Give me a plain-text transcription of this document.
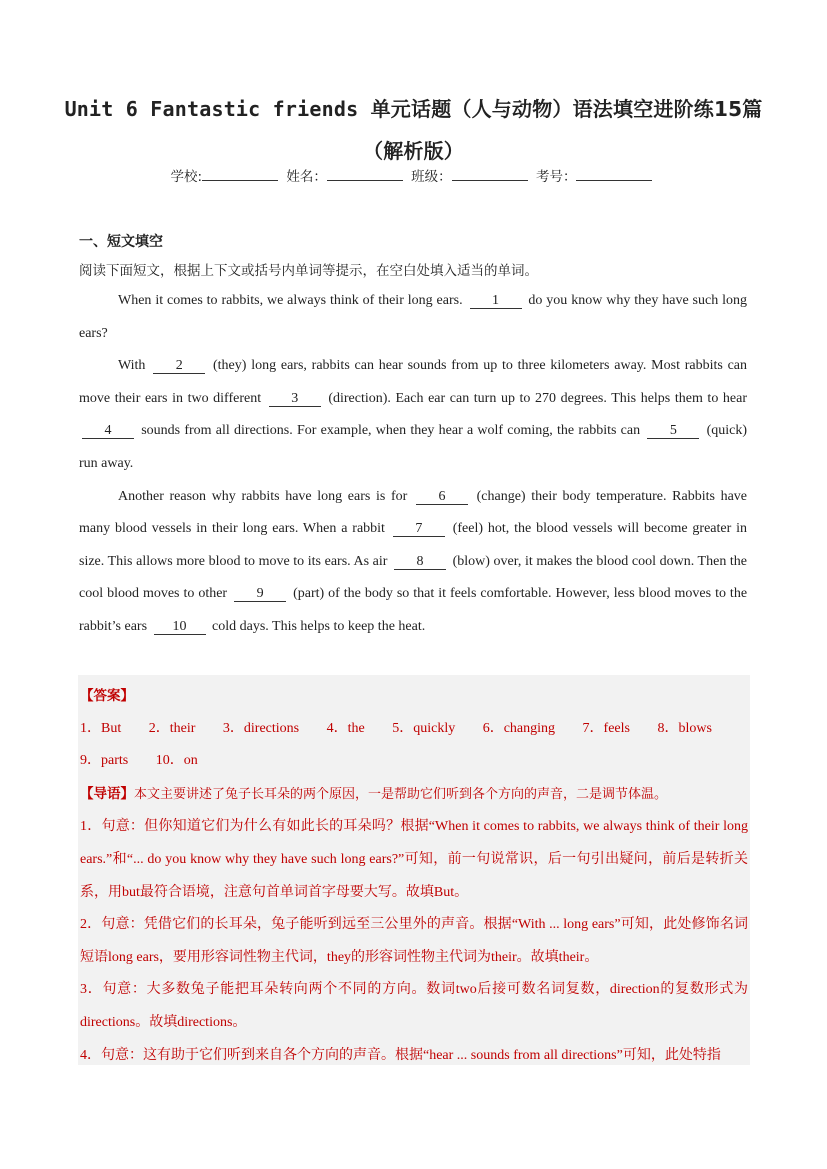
Unit 6 Fantastic friends 单元话题（人与动物）语法填空进阶练15篇
（解析版）
学校:	姓名：	班级：	考号：
一、短文填空
阅读下面短文，根据上下文或括号内单词等提示，在空白处填入适当的单词。

When it comes to rabbits, we always think of their long ears. 1 do you know why they have such long ears?

With 2 (they) long ears, rabbits can hear sounds from up to three kilometers away. Most rabbits can move their ears in two different 3 (direction). Each ear can turn up to 270 degrees. This helps them to hear 4 sounds from all directions. For example, when they hear a wolf coming, the rabbits can 5 (quick) run away.

Another reason why rabbits have long ears is for 6 (change) their body temperature. Rabbits have many blood vessels in their long ears. When a rabbit 7 (feel) hot, the blood vessels will become greater in size. This allows more blood to move to its ears. As air 8 (blow) over, it makes the blood cool down. Then the cool blood moves to other 9 (part) of the body so that it feels comfortable. However, less blood moves to the rabbit’s ears 10 cold days. This helps to keep the heat.

【答案】
1．But 2．their 3．directions 4．the 5．quickly 6．changing 7．feels 8．blows 9．parts 10．on
【导语】本文主要讲述了兔子长耳朵的两个原因，一是帮助它们听到各个方向的声音，二是调节体温。
1．句意：但你知道它们为什么有如此长的耳朵吗？根据“When it comes to rabbits, we always think of their long ears.”和“... do you know why they have such long ears?”可知，前一句说常识，后一句引出疑问，前后是转折关系，用but最符合语境，注意句首单词首字母要大写。故填But。
2．句意：凭借它们的长耳朵，兔子能听到远至三公里外的声音。根据“With ... long ears”可知，此处修饰名词短语long ears，要用形容词性物主代词，they的形容词性物主代词为their。故填their。
3．句意：大多数兔子能把耳朵转向两个不同的方向。数词two后接可数名词复数，direction的复数形式为directions。故填directions。
4．句意：这有助于它们听到来自各个方向的声音。根据“hear ... sounds from all directions”可知，此处特指
